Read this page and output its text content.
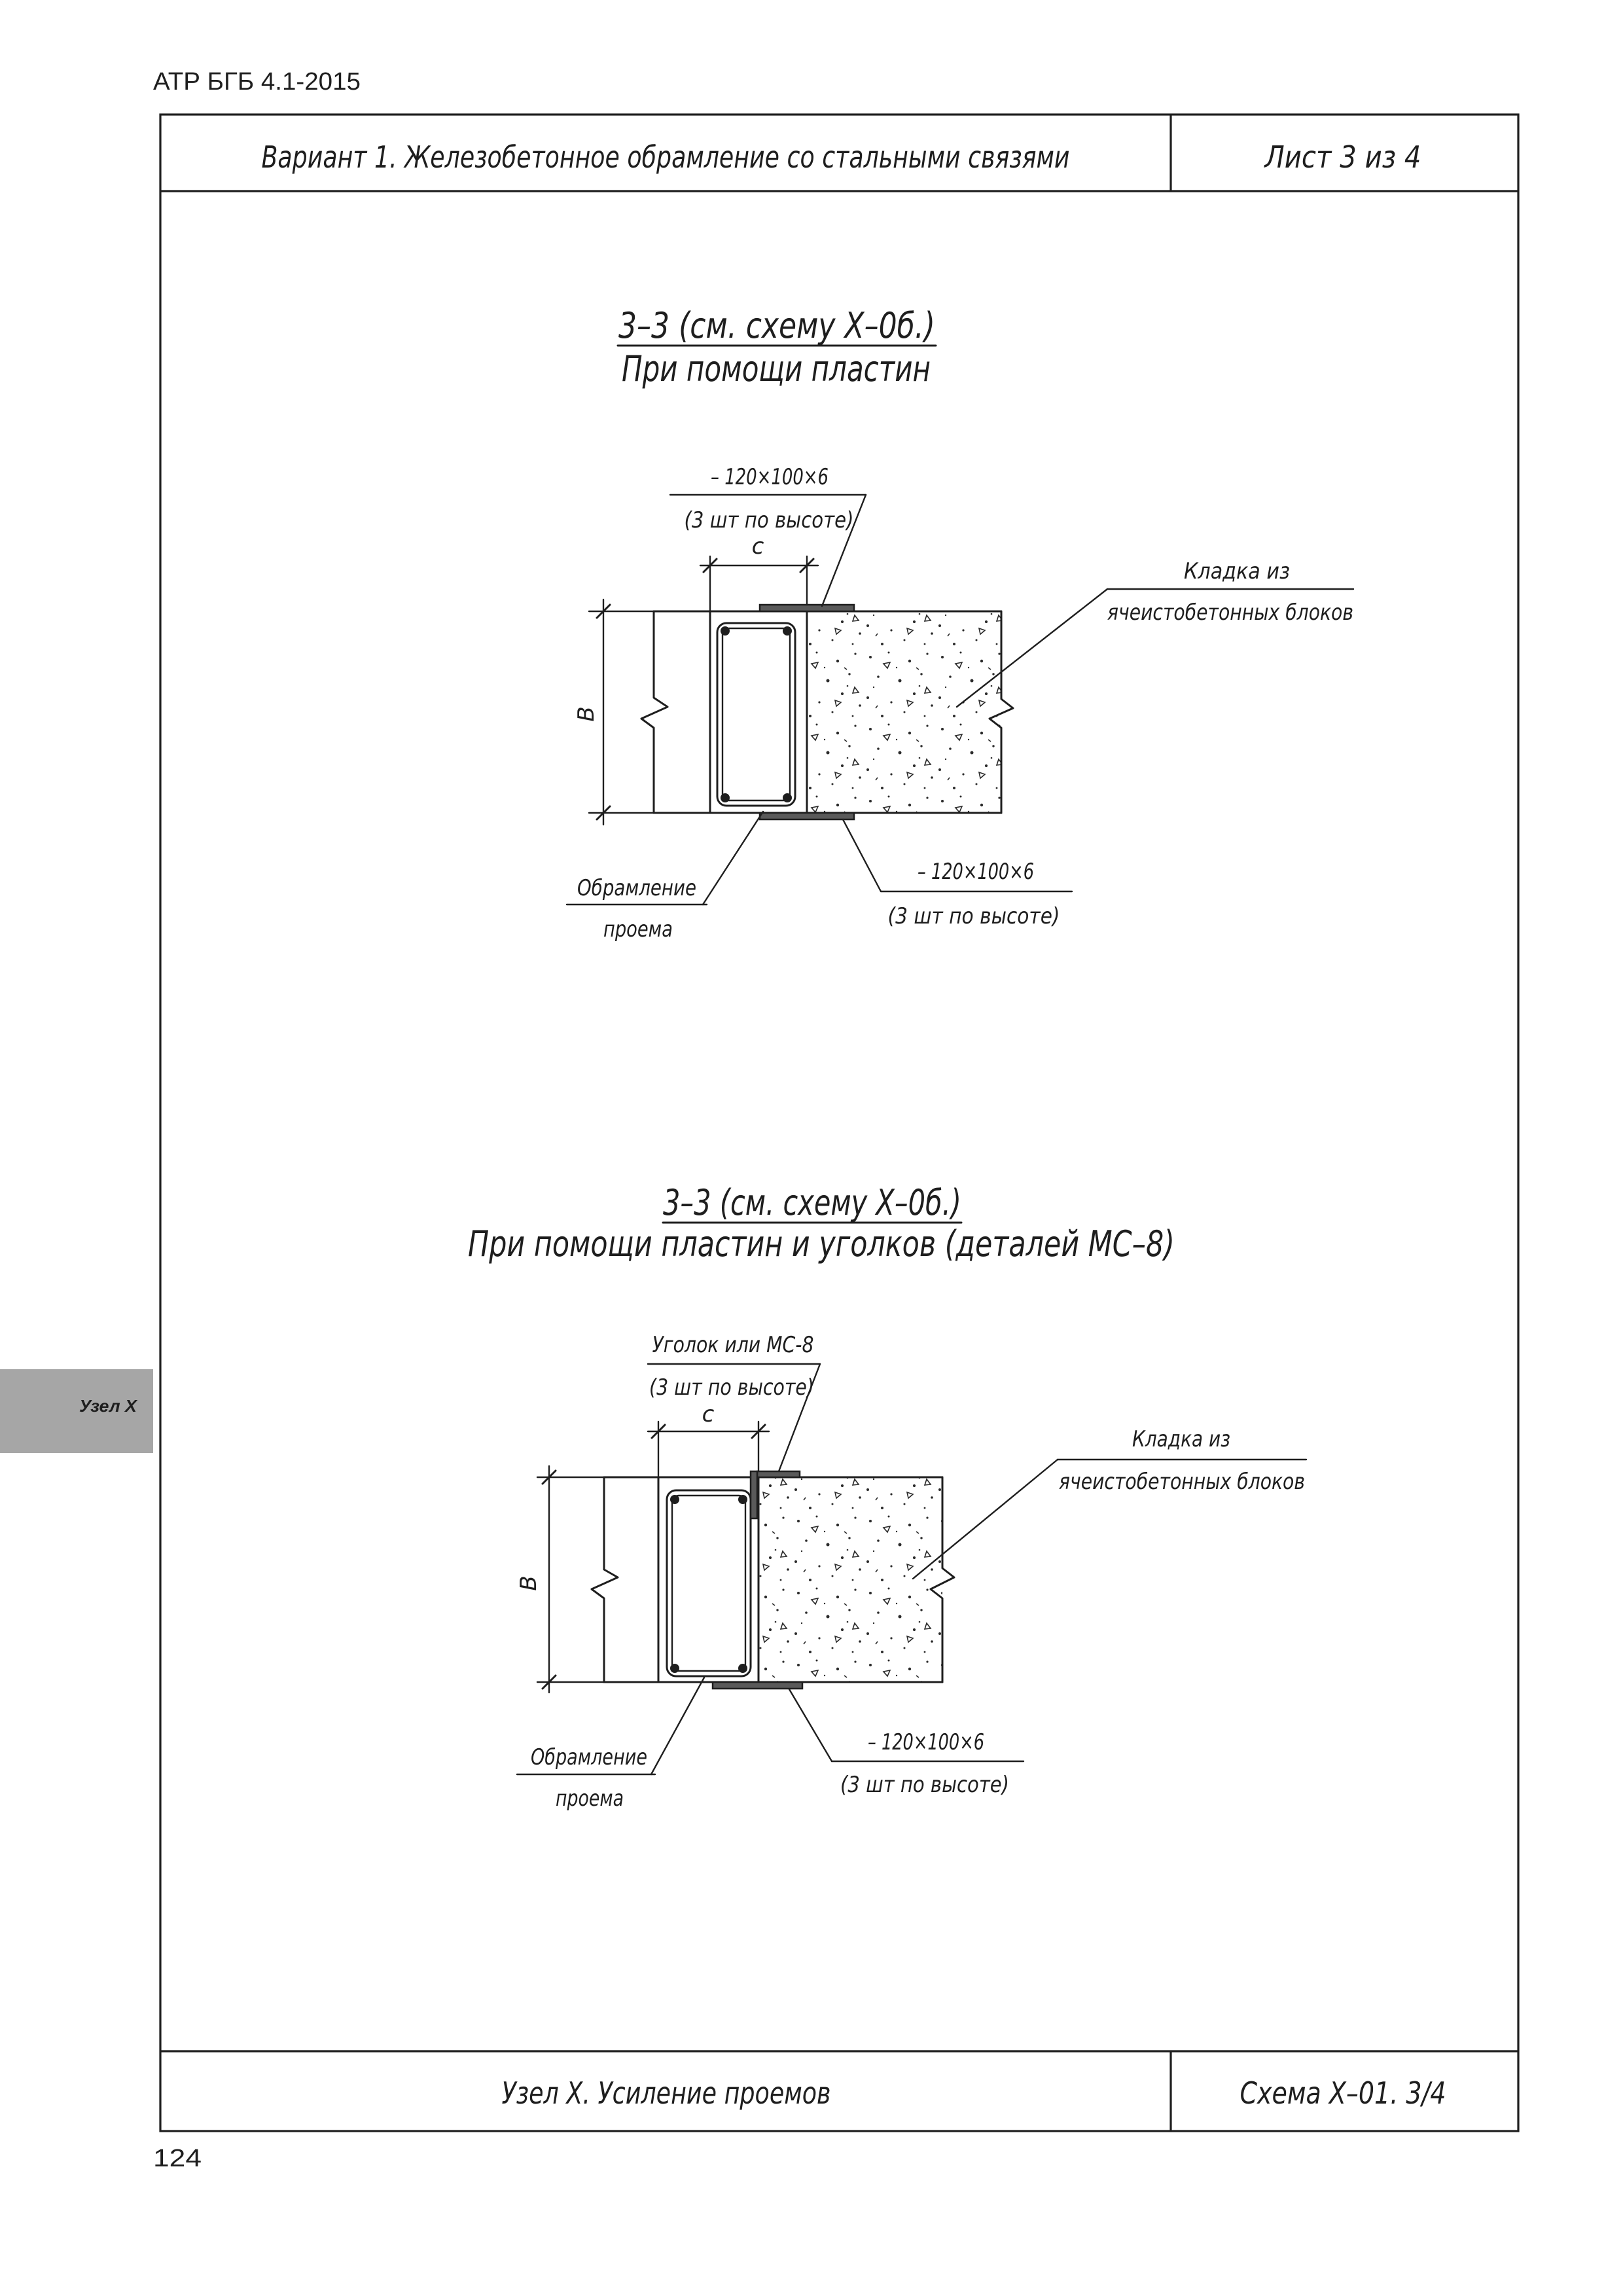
АТР БГБ 4.1-2015
124
Узел Х
Вариант 1. Железобетонное обрамление со стальными связями	Лист 3 из 4
Узел Х. Усиление проемов	Схема Х–01. 3/4
3–3 (см. схему Х–0б.)
При помощи пластин
В
с
– 120×100×6
(3 шт по высоте)
Кладка из
ячеистобетонных блоков
Обрамление
проема
– 120×100×6
(3 шт по высоте)
3–3 (см. схему Х–0б.)
При помощи пластин и уголков (деталей МС–8)
В
с
Уголок или МС-8
(3 шт по высоте)
Кладка из
ячеистобетонных блоков
Обрамление
проема
– 120×100×6
(3 шт по высоте)
